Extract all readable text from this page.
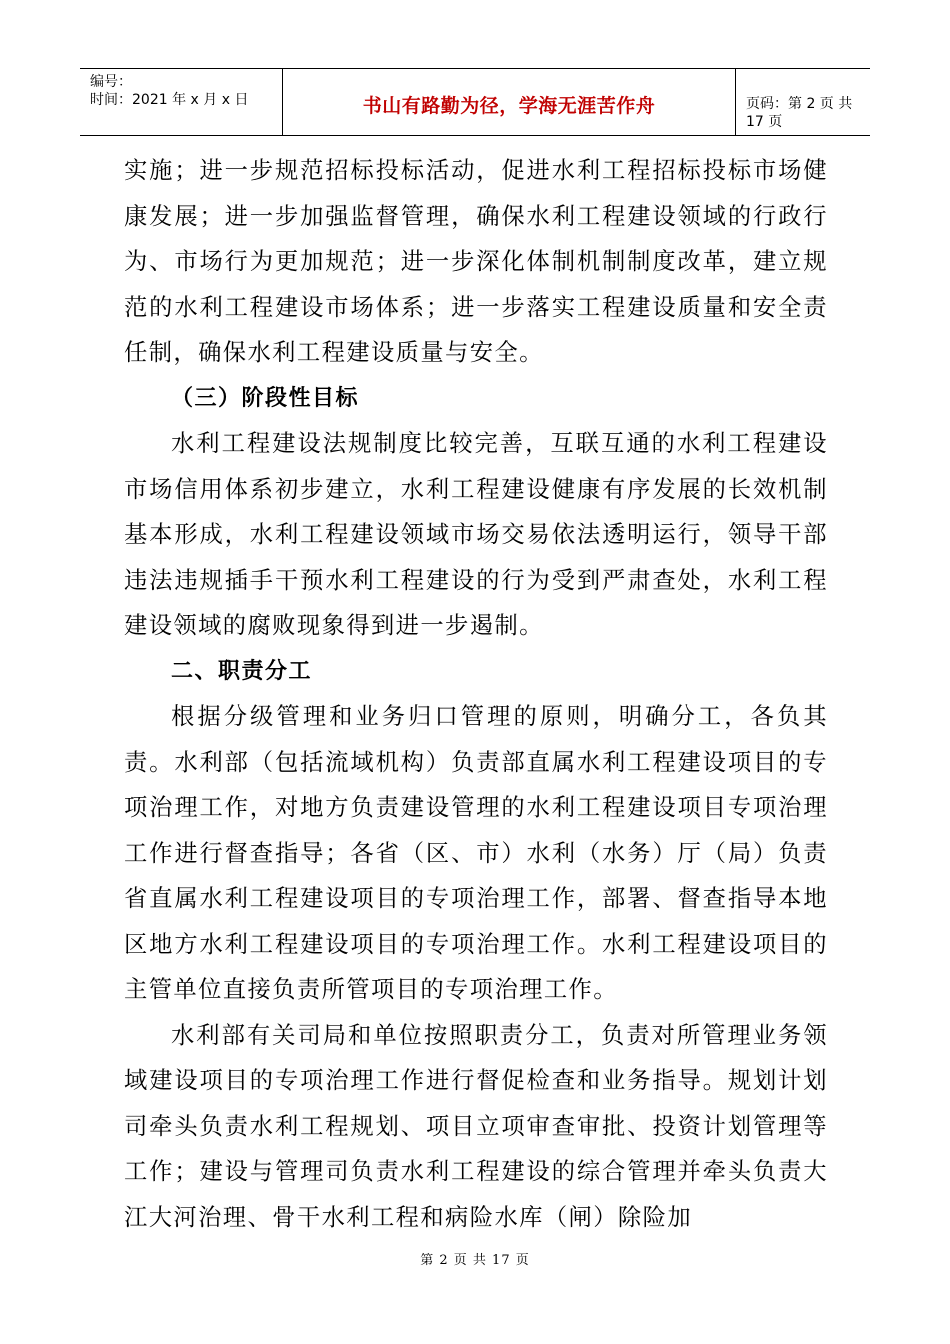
编号：
时间：2021 年 x 月 x 日	书山有路勤为径，学海无涯苦作舟	页码：第 2 页 共 17 页

实施；进一步规范招标投标活动，促进水利工程招标投标市场健康发展；进一步加强监督管理，确保水利工程建设领域的行政行为、市场行为更加规范；进一步深化体制机制制度改革，建立规范的水利工程建设市场体系；进一步落实工程建设质量和安全责任制，确保水利工程建设质量与安全。

（三）阶段性目标

水利工程建设法规制度比较完善，互联互通的水利工程建设市场信用体系初步建立，水利工程建设健康有序发展的长效机制基本形成，水利工程建设领域市场交易依法透明运行，领导干部违法违规插手干预水利工程建设的行为受到严肃查处，水利工程建设领域的腐败现象得到进一步遏制。

二、职责分工

根据分级管理和业务归口管理的原则，明确分工，各负其责。水利部（包括流域机构）负责部直属水利工程建设项目的专项治理工作，对地方负责建设管理的水利工程建设项目专项治理工作进行督查指导；各省（区、市）水利（水务）厅（局）负责省直属水利工程建设项目的专项治理工作，部署、督查指导本地区地方水利工程建设项目的专项治理工作。水利工程建设项目的主管单位直接负责所管项目的专项治理工作。

水利部有关司局和单位按照职责分工，负责对所管理业务领域建设项目的专项治理工作进行督促检查和业务指导。规划计划司牵头负责水利工程规划、项目立项审查审批、投资计划管理等工作；建设与管理司负责水利工程建设的综合管理并牵头负责大江大河治理、骨干水利工程和病险水库（闸）除险加

第 2 页 共 17 页
